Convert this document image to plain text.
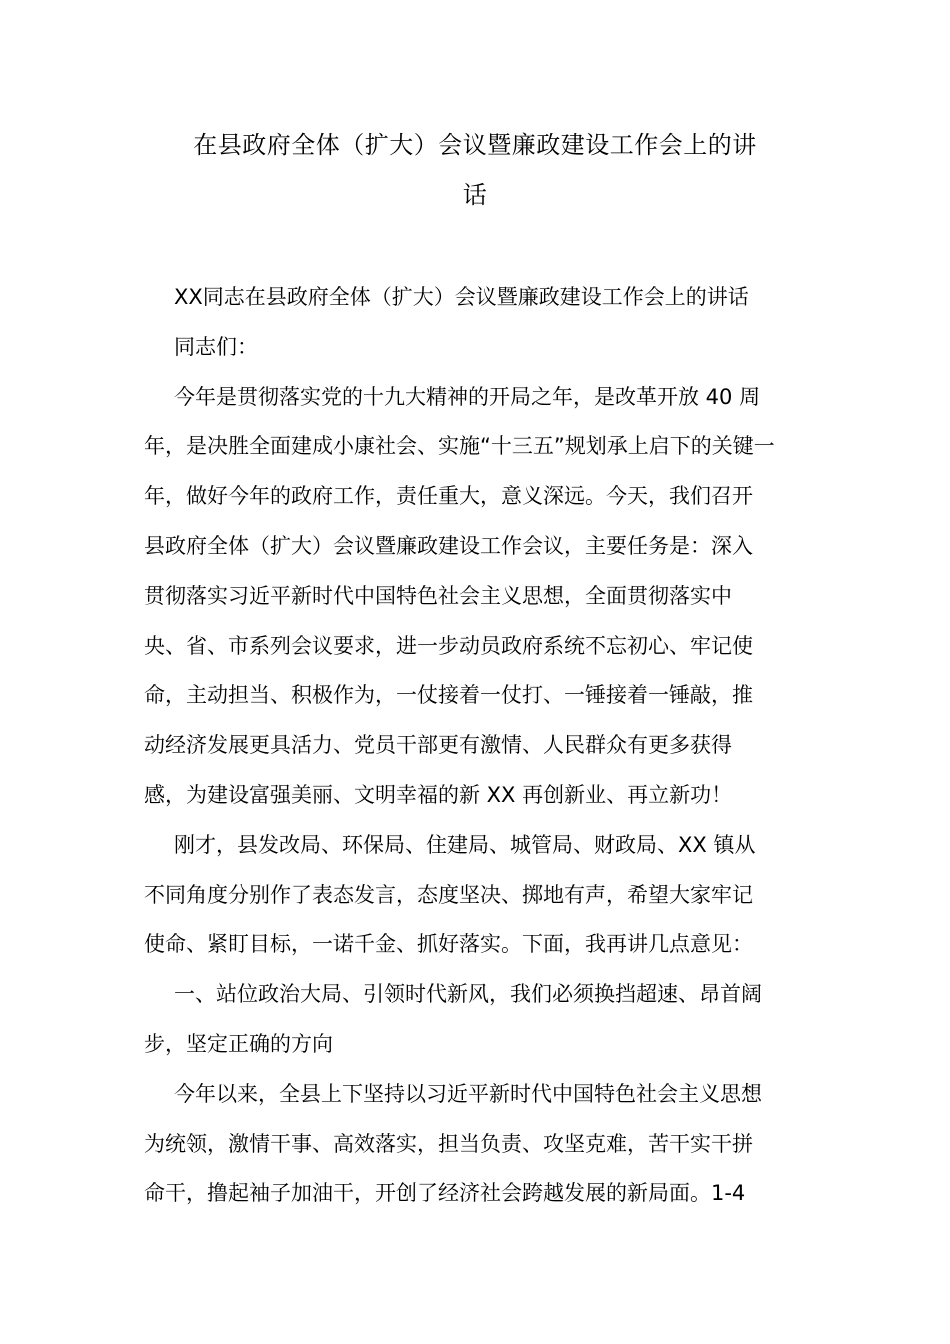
在县政府全体（扩大）会议暨廉政建设工作会上的讲
话

XX同志在县政府全体（扩大）会议暨廉政建设工作会上的讲话

同志们：

今年是贯彻落实党的十九大精神的开局之年，是改革开放 40 周
年，是决胜全面建成小康社会、实施“十三五”规划承上启下的关键一
年，做好今年的政府工作，责任重大，意义深远。今天，我们召开
县政府全体（扩大）会议暨廉政建设工作会议，主要任务是：深入
贯彻落实习近平新时代中国特色社会主义思想，全面贯彻落实中
央、省、市系列会议要求，进一步动员政府系统不忘初心、牢记使
命，主动担当、积极作为，一仗接着一仗打、一锤接着一锤敲，推
动经济发展更具活力、党员干部更有激情、人民群众有更多获得
感，为建设富强美丽、文明幸福的新 XX 再创新业、再立新功！

刚才，县发改局、环保局、住建局、城管局、财政局、XX 镇从
不同角度分别作了表态发言，态度坚决、掷地有声，希望大家牢记
使命、紧盯目标，一诺千金、抓好落实。下面，我再讲几点意见：

一、站位政治大局、引领时代新风，我们必须换挡超速、昂首阔
步，坚定正确的方向

今年以来，全县上下坚持以习近平新时代中国特色社会主义思想
为统领，激情干事、高效落实，担当负责、攻坚克难，苦干实干拼
命干，撸起袖子加油干，开创了经济社会跨越发展的新局面。1-4
